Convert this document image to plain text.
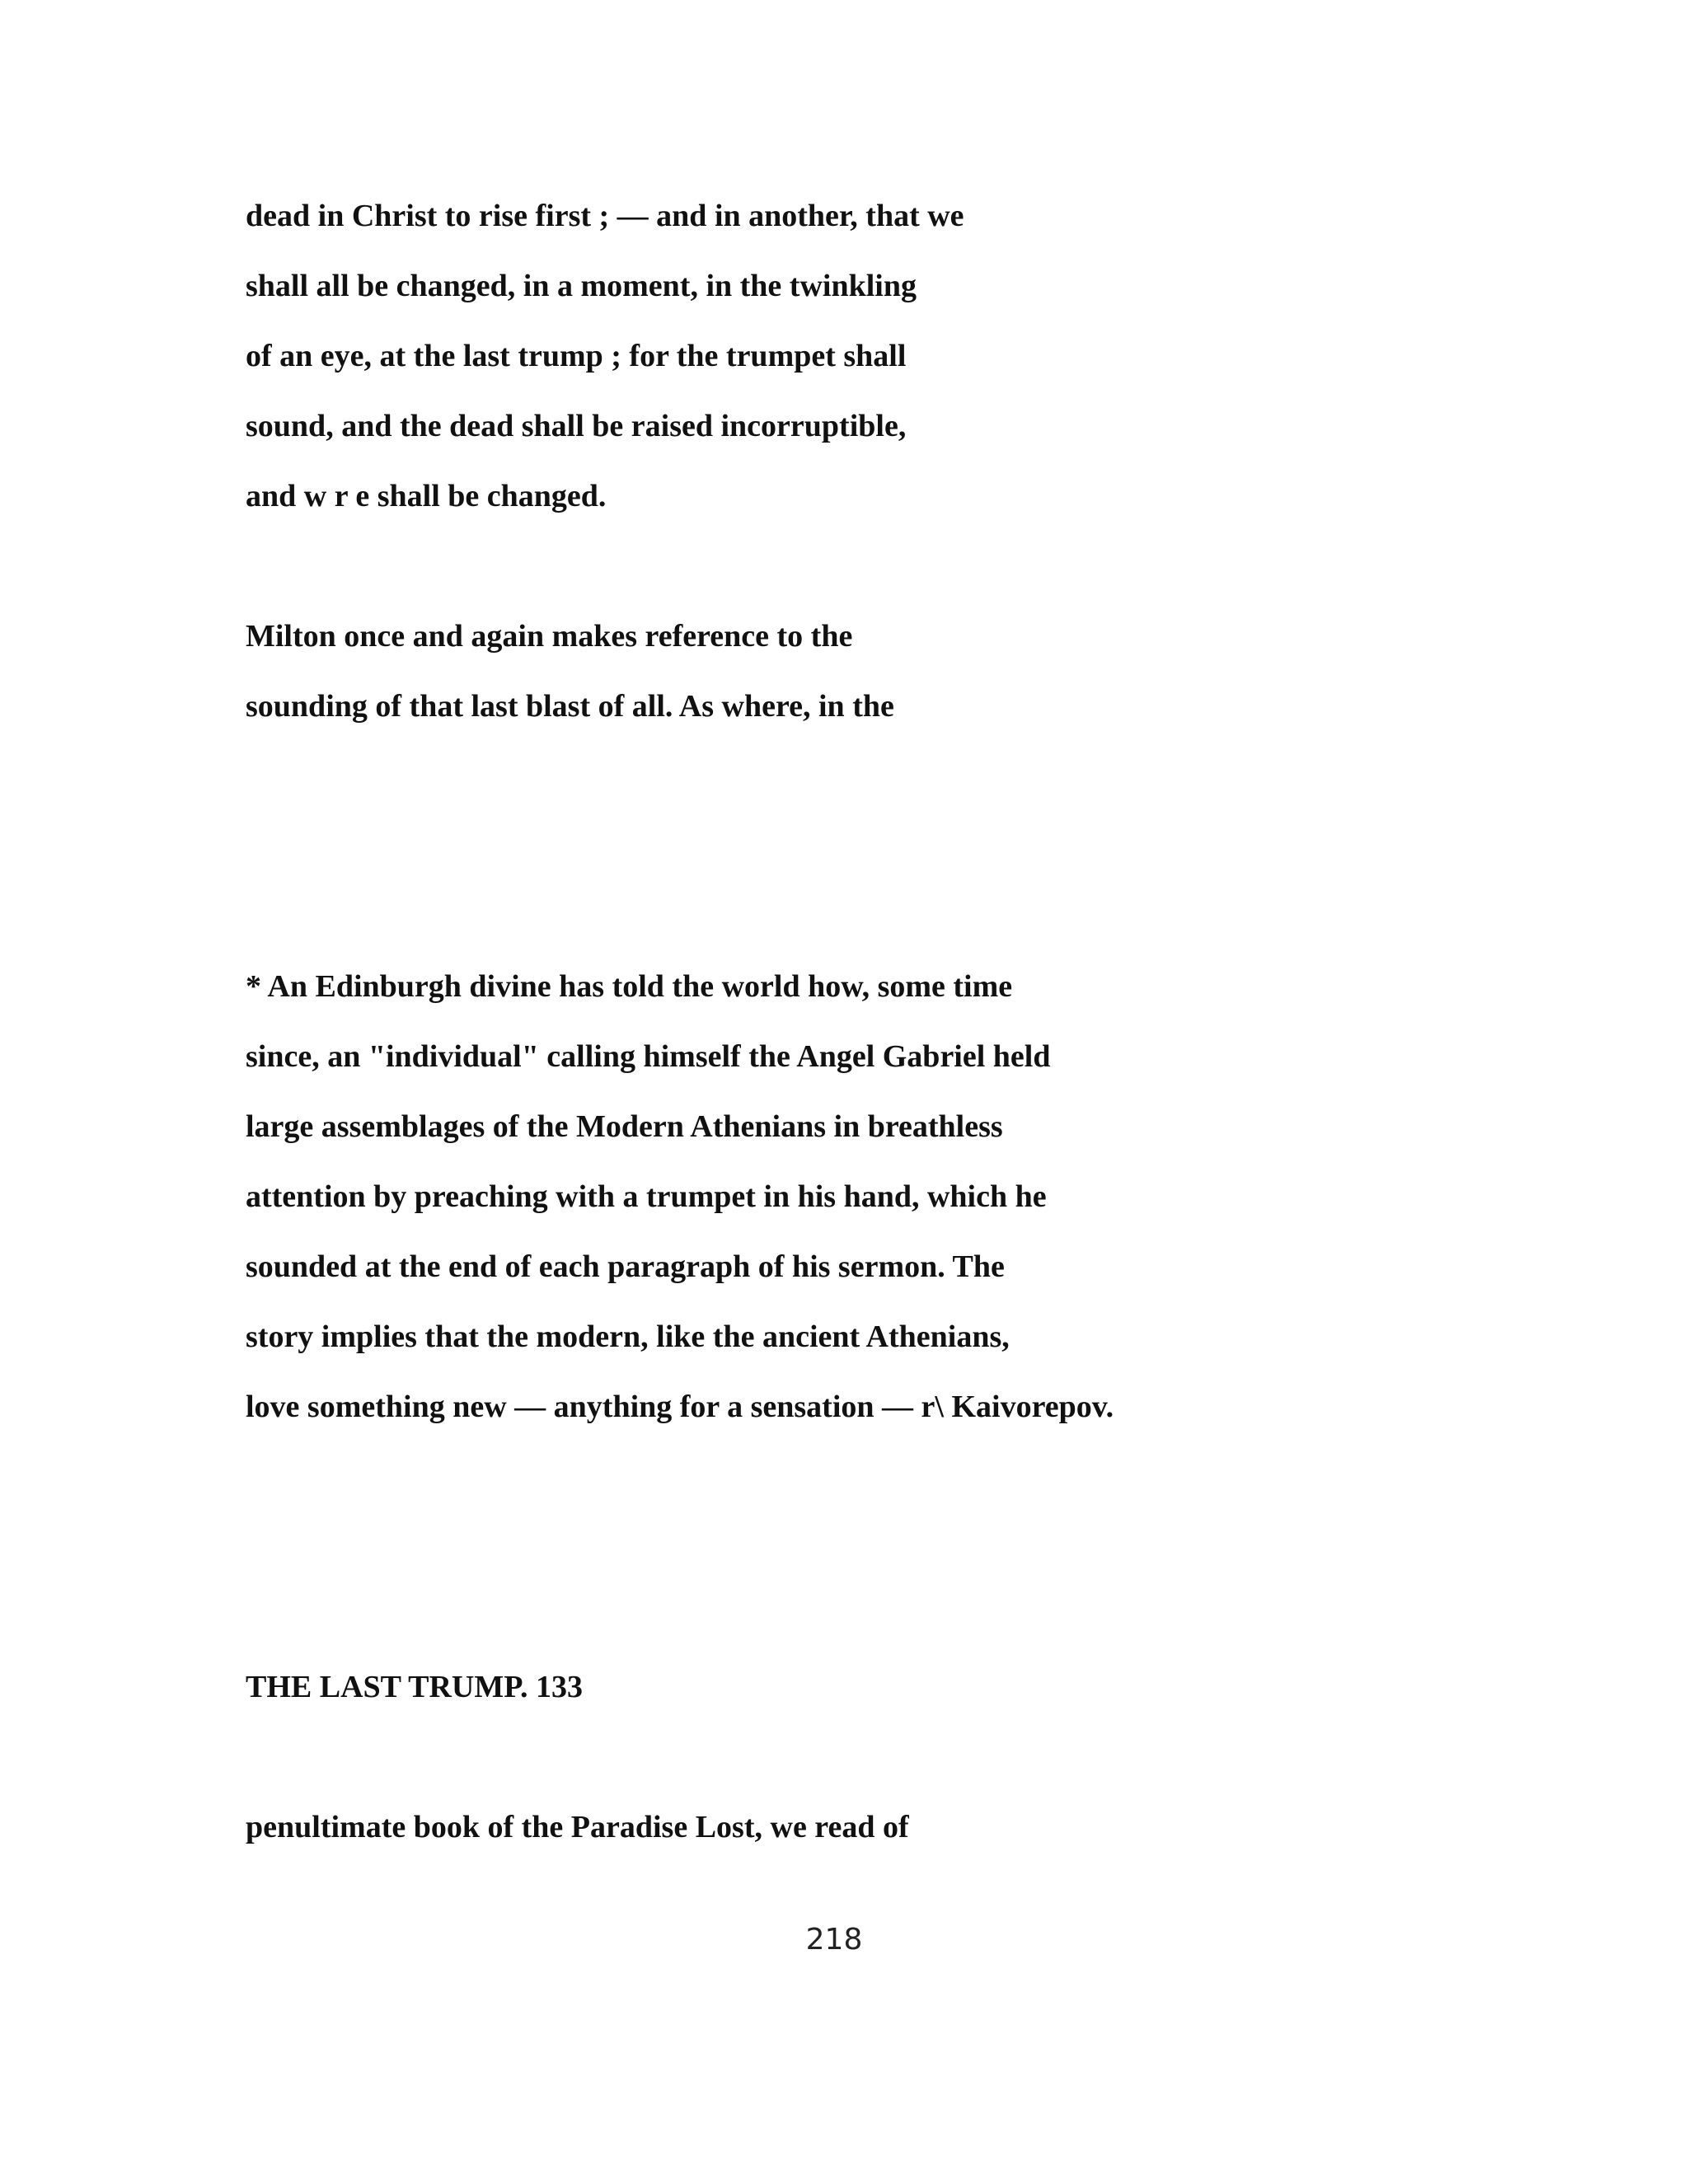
dead in Christ to rise first ; — and in another, that we

shall all be changed, in a moment, in the twinkling

of an eye, at the last trump ; for the trumpet shall

sound, and the dead shall be raised incorruptible,

and w r e shall be changed.

Milton once and again makes reference to the

sounding of that last blast of all. As where, in the

* An Edinburgh divine has told the world how, some time

since, an "individual" calling himself the Angel Gabriel held

large assemblages of the Modern Athenians in breathless

attention by preaching with a trumpet in his hand, which he

sounded at the end of each paragraph of his sermon. The

story implies that the modern, like the ancient Athenians,

love something new — anything for a sensation — r\ Kaivorepov.

THE LAST TRUMP. 133

penultimate book of the Paradise Lost, we read of

218
